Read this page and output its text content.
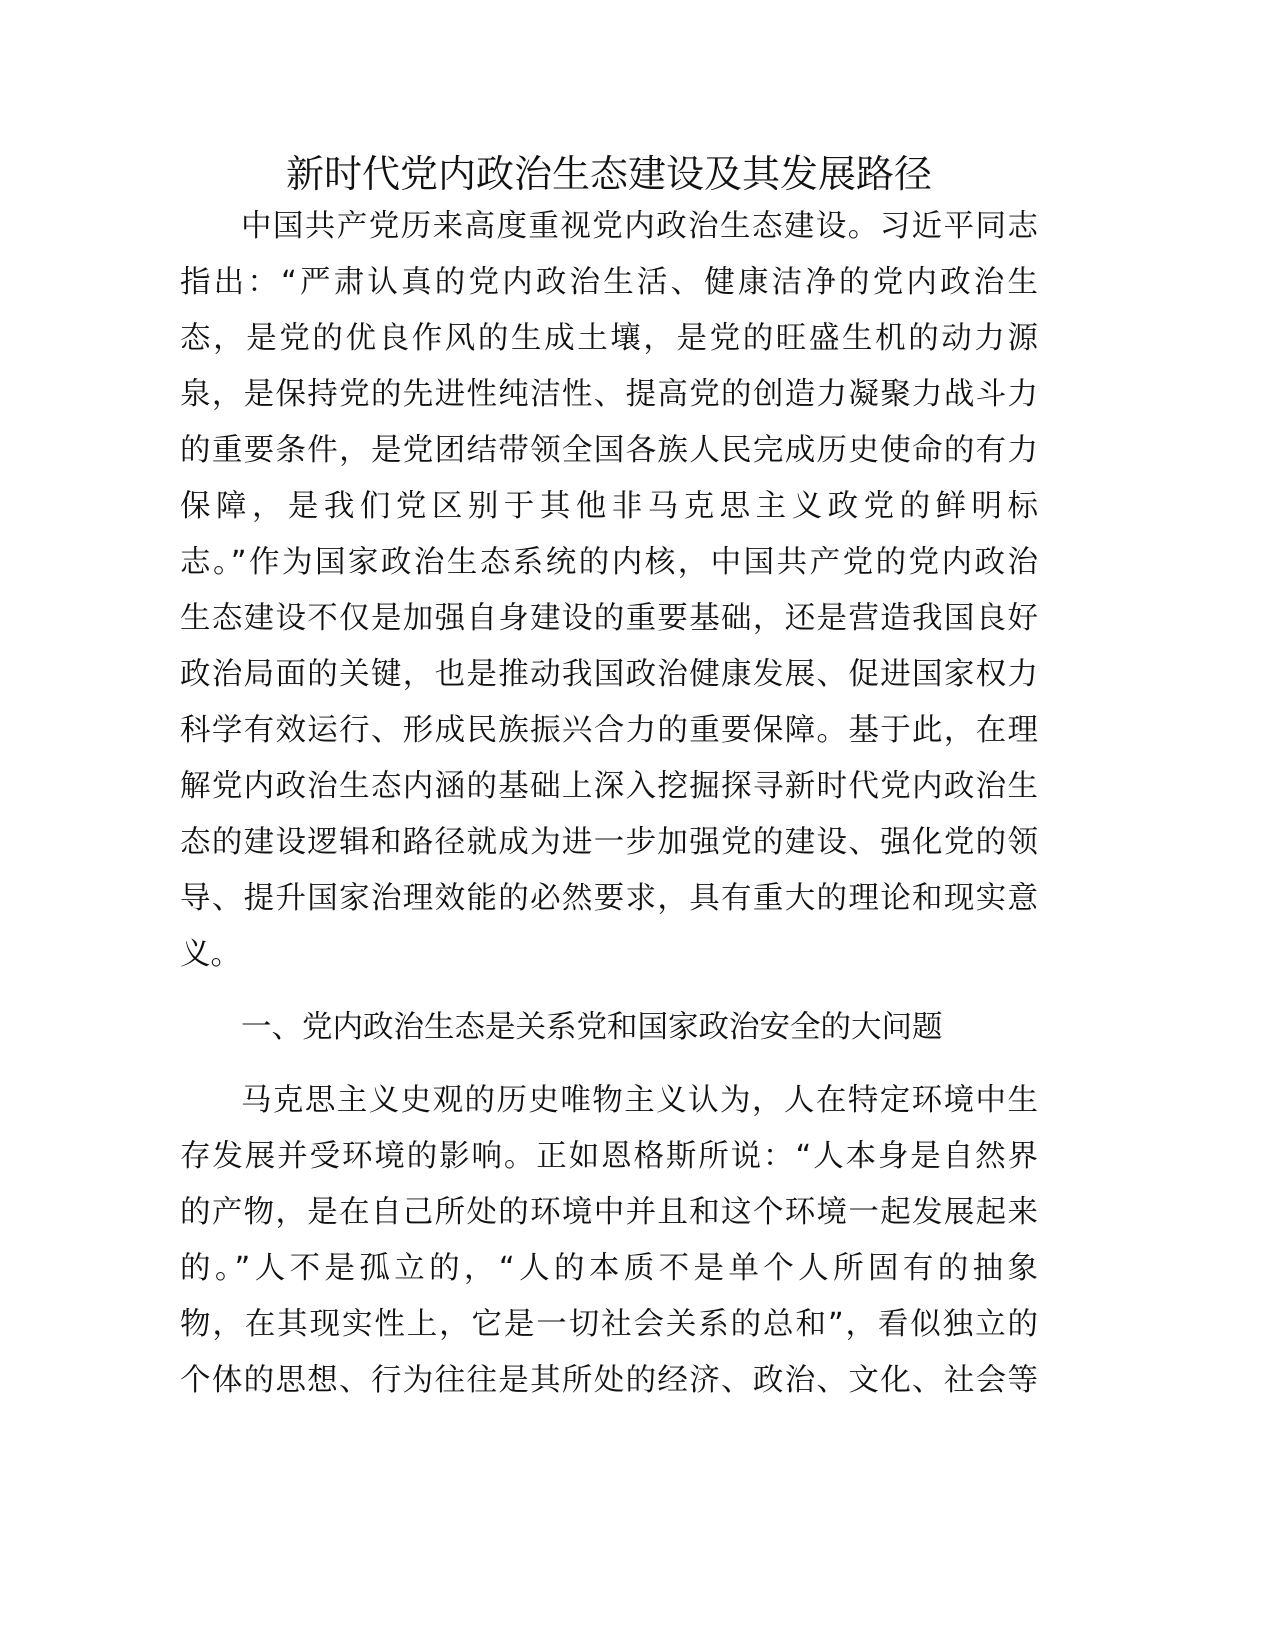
新时代党内政治生态建设及其发展路径

中国共产党历来高度重视党内政治生态建设。习近平同志

指出：“严肃认真的党内政治生活、健康洁净的党内政治生

态，是党的优良作风的生成土壤，是党的旺盛生机的动力源

泉，是保持党的先进性纯洁性、提高党的创造力凝聚力战斗力

的重要条件，是党团结带领全国各族人民完成历史使命的有力

保障，是我们党区别于其他非马克思主义政党的鲜明标

志。”作为国家政治生态系统的内核，中国共产党的党内政治

生态建设不仅是加强自身建设的重要基础，还是营造我国良好

政治局面的关键，也是推动我国政治健康发展、促进国家权力

科学有效运行、形成民族振兴合力的重要保障。基于此，在理

解党内政治生态内涵的基础上深入挖掘探寻新时代党内政治生

态的建设逻辑和路径就成为进一步加强党的建设、强化党的领

导、提升国家治理效能的必然要求，具有重大的理论和现实意

义。

一、党内政治生态是关系党和国家政治安全的大问题

马克思主义史观的历史唯物主义认为，人在特定环境中生

存发展并受环境的影响。正如恩格斯所说：“人本身是自然界

的产物，是在自己所处的环境中并且和这个环境一起发展起来

的。”人不是孤立的，“人的本质不是单个人所固有的抽象

物，在其现实性上，它是一切社会关系的总和”，看似独立的

个体的思想、行为往往是其所处的经济、政治、文化、社会等
